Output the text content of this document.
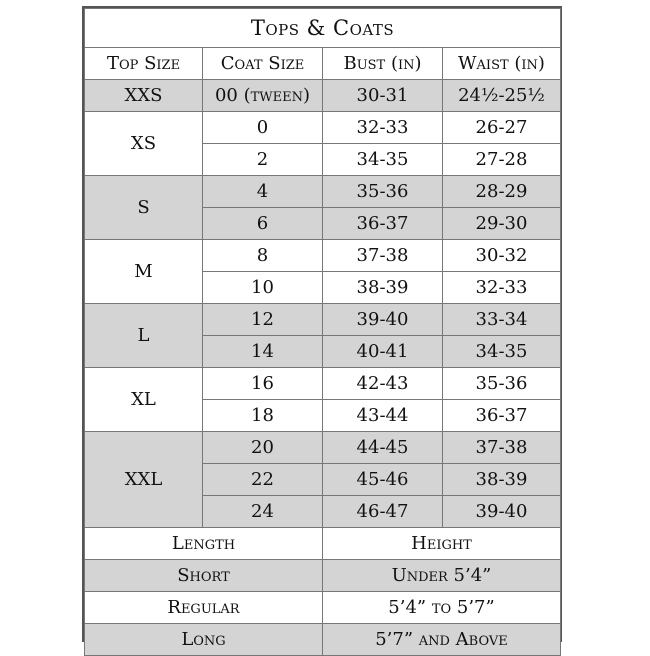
Tops & Coats			
Top Size	Coat Size	Bust (in)	Waist (in)
XXS	00 (tween)	30-31	24½-25½
XS	0	32-33	26-27
	2	34-35	27-28
S	4	35-36	28-29
	6	36-37	29-30
M	8	37-38	30-32
	10	38-39	32-33
L	12	39-40	33-34
	14	40-41	34-35
XL	16	42-43	35-36
	18	43-44	36-37
XXL	20	44-45	37-38
	22	45-46	38-39
	24	46-47	39-40
Length		Height	
Short		Under 5’4”	
Regular		5’4” to 5’7”	
Long		5’7” and Above	
